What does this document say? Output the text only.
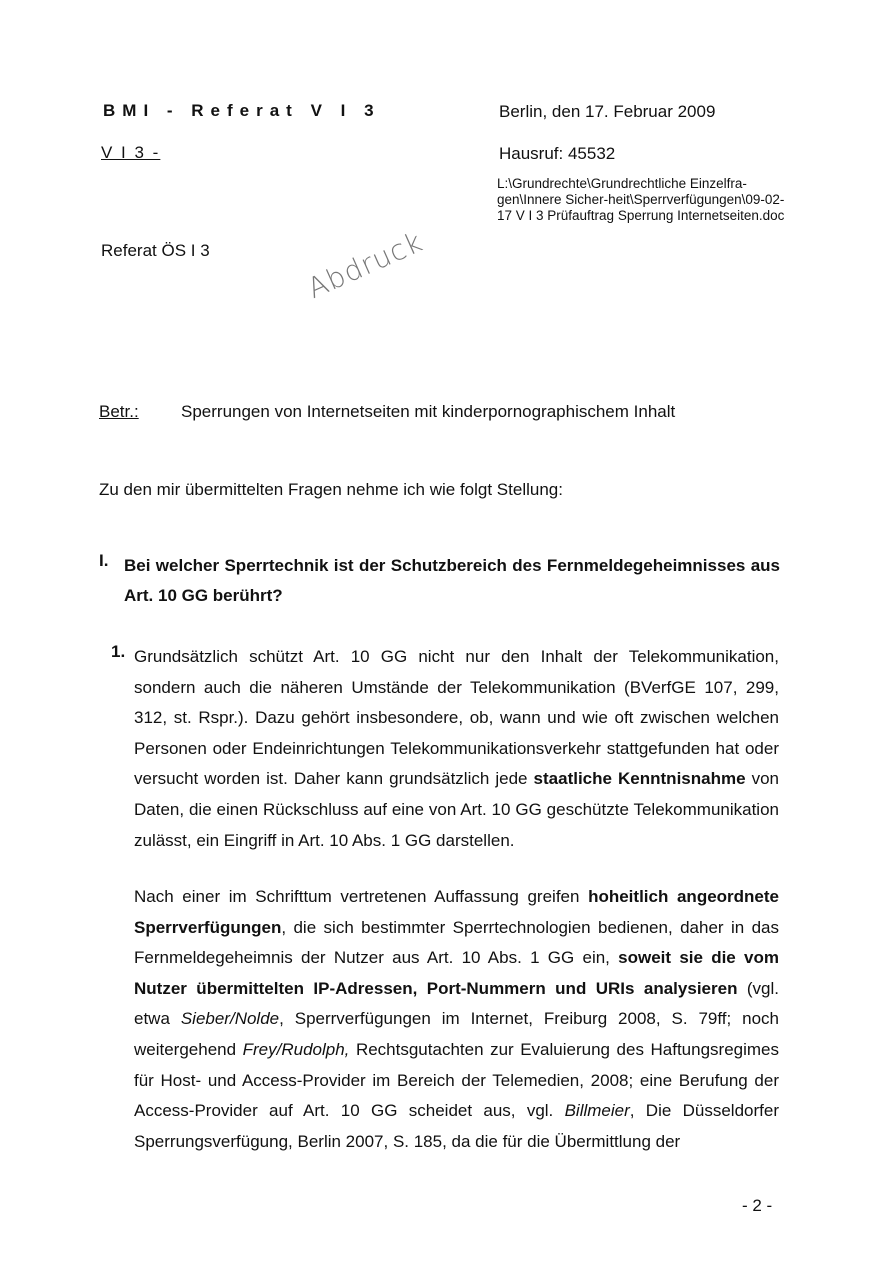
BMI - Referat V I 3
V I 3 -
Berlin, den 17. Februar 2009
Hausruf: 45532
L:\Grundrechte\Grundrechtliche Einzelfra-gen\Innere Sicher-heit\Sperrverfügungen\09-02-17 V I 3 Prüfauftrag Sperrung Internetseiten.doc
Referat ÖS I 3	Abdruck
Betr.: Sperrungen von Internetseiten mit kinderpornographischem Inhalt
Zu den mir übermittelten Fragen nehme ich wie folgt Stellung:
I. Bei welcher Sperrtechnik ist der Schutzbereich des Fernmeldegeheimnisses aus Art. 10 GG berührt?
1. Grundsätzlich schützt Art. 10 GG nicht nur den Inhalt der Telekommunikation, sondern auch die näheren Umstände der Telekommunikation (BVerfGE 107, 299, 312, st. Rspr.). Dazu gehört insbesondere, ob, wann und wie oft zwischen welchen Personen oder Endeinrichtungen Telekommunikationsverkehr stattgefunden hat oder versucht worden ist. Daher kann grundsätzlich jede staatliche Kenntnisnahme von Daten, die einen Rückschluss auf eine von Art. 10 GG geschützte Telekommunikation zulässt, ein Eingriff in Art. 10 Abs. 1 GG darstellen.
Nach einer im Schrifttum vertretenen Auffassung greifen hoheitlich angeordnete Sperrverfügungen, die sich bestimmter Sperrtechnologien bedienen, daher in das Fernmeldegeheimnis der Nutzer aus Art. 10 Abs. 1 GG ein, soweit sie die vom Nutzer übermittelten IP-Adressen, Port-Nummern und URIs analysieren (vgl. etwa Sieber/Nolde, Sperrverfügungen im Internet, Freiburg 2008, S. 79ff; noch weitergehend Frey/Rudolph, Rechtsgutachten zur Evaluierung des Haftungsregimes für Host- und Access-Provider im Bereich der Telemedien, 2008; eine Berufung der Access-Provider auf Art. 10 GG scheidet aus, vgl. Billmeier, Die Düsseldorfer Sperrungsverfügung, Berlin 2007, S. 185, da die für die Übermittlung der
- 2 -
